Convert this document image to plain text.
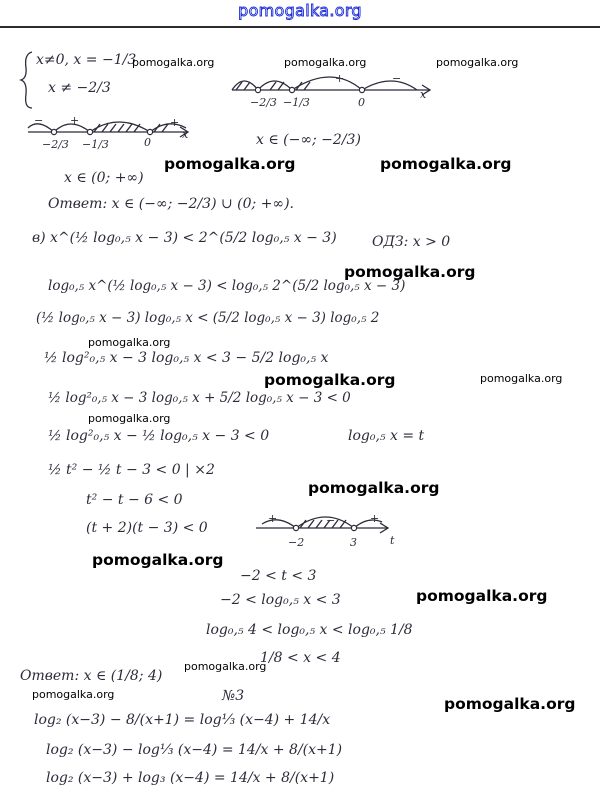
pomogalka.org
x≠0, x = −1/3
x ≠ −2/3
+	−
−2/3 −1/3	0
x
+
−	+
−2/3 −1/3	0
x	x ∈ (−∞; −2/3)
x ∈ (0; +∞)
Ответ: x ∈ (−∞; −2/3) ∪ (0; +∞).
в) x^(½ log₀,₅ x − 3) < 2^(5/2 log₀,₅ x − 3)	ОДЗ: x > 0
log₀,₅ x^(½ log₀,₅ x − 3) < log₀,₅ 2^(5/2 log₀,₅ x − 3)
(½ log₀,₅ x − 3) log₀,₅ x < (5/2 log₀,₅ x − 3) log₀,₅ 2
½ log²₀,₅ x − 3 log₀,₅ x < 3 − 5/2 log₀,₅ x
½ log²₀,₅ x − 3 log₀,₅ x + 5/2 log₀,₅ x − 3 < 0
½ log²₀,₅ x − ½ log₀,₅ x − 3 < 0	log₀,₅ x = t
½ t² − ½ t − 3 < 0 | ×2
t² − t − 6 < 0
(t + 2)(t − 3) < 0
+	−	+
−2	3	t
−2 < t < 3
−2 < log₀,₅ x < 3
log₀,₅ 4 < log₀,₅ x < log₀,₅ 1/8
1/8 < x < 4
Ответ: x ∈ (1/8; 4)
№3
log₂ (x−3) − 8/(x+1) = log⅓ (x−4) + 14/x
log₂ (x−3) − log⅓ (x−4) = 14/x + 8/(x+1)
log₂ (x−3) + log₃ (x−4) = 14/x + 8/(x+1)
pomogalka.org	pomogalka.org	pomogalka.org
pomogalka.org	pomogalka.org
pomogalka.org
pomogalka.org
pomogalka.org	pomogalka.org
pomogalka.org
pomogalka.org
pomogalka.org
pomogalka.org
pomogalka.org
pomogalka.org
pomogalka.org
